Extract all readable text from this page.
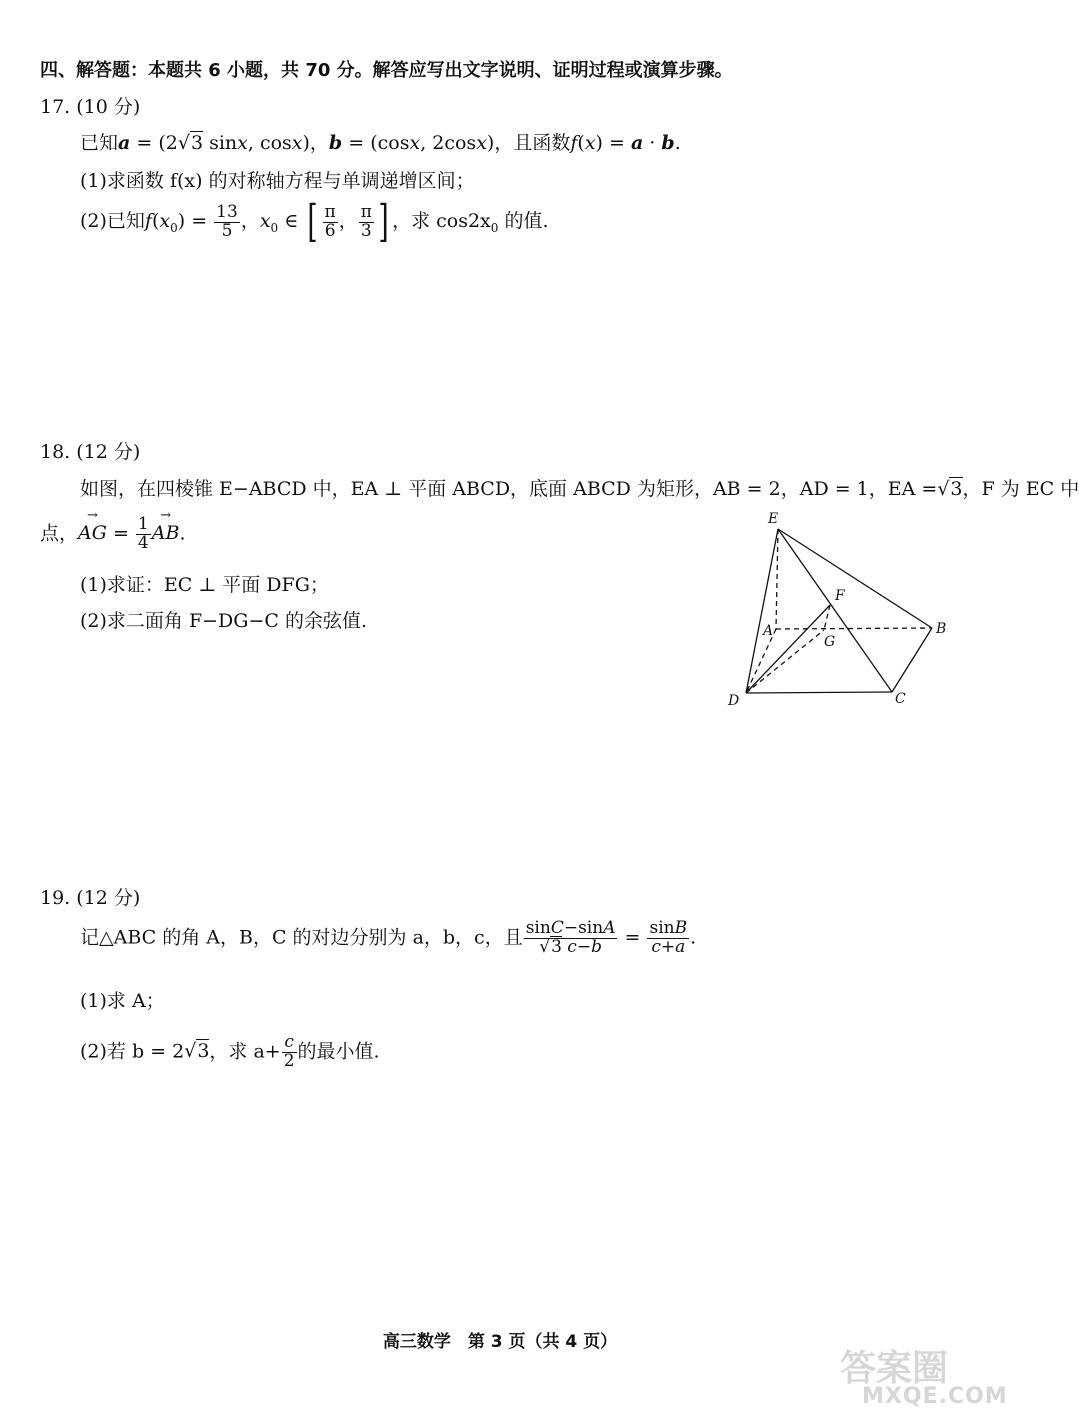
四、解答题：本题共 6 小题，共 70 分。解答应写出文字说明、证明过程或演算步骤。
17. (10 分)
已知a = (2√3 sinx, cosx)，b = (cosx, 2cosx)，且函数f(x) = a · b.
(1)求函数 f(x) 的对称轴方程与单调递增区间；
(2)已知$f(x_0) = \frac{13}{5}$ ，$x_0$ ∈ [ $\frac{\pi}{6}$ ， $\frac{\pi}{3}$ ] ，求 $\cos 2x_0$ 的值.
18. (12 分)
如图，在四棱锥 E−ABCD 中，EA ⊥ 平面 ABCD，底面 ABCD 为矩形，AB = 2，AD = 1，EA =√3，F 为 EC 中
点，→ AG = $\frac{1}{4}$
→ AB.
(1)求证：EC ⊥ 平面 DFG；
(2)求二面角 F−DG−C 的余弦值.
E
F
A
G
B
D	C
19. (12 分)
记△ABC 的角 A，B，C 的对边分别为 a，b，c，且 $\frac{\sin C-\sin A}{√3 c-b} = \frac{\sin B}{c+a}$ .
(1)求 A；
(2)若 b = 2√3，求 $a+ \frac{c}{2}$ 的最小值.
高三数学　第 3 页（共 4 页）
答案圈
MXQE.COM
